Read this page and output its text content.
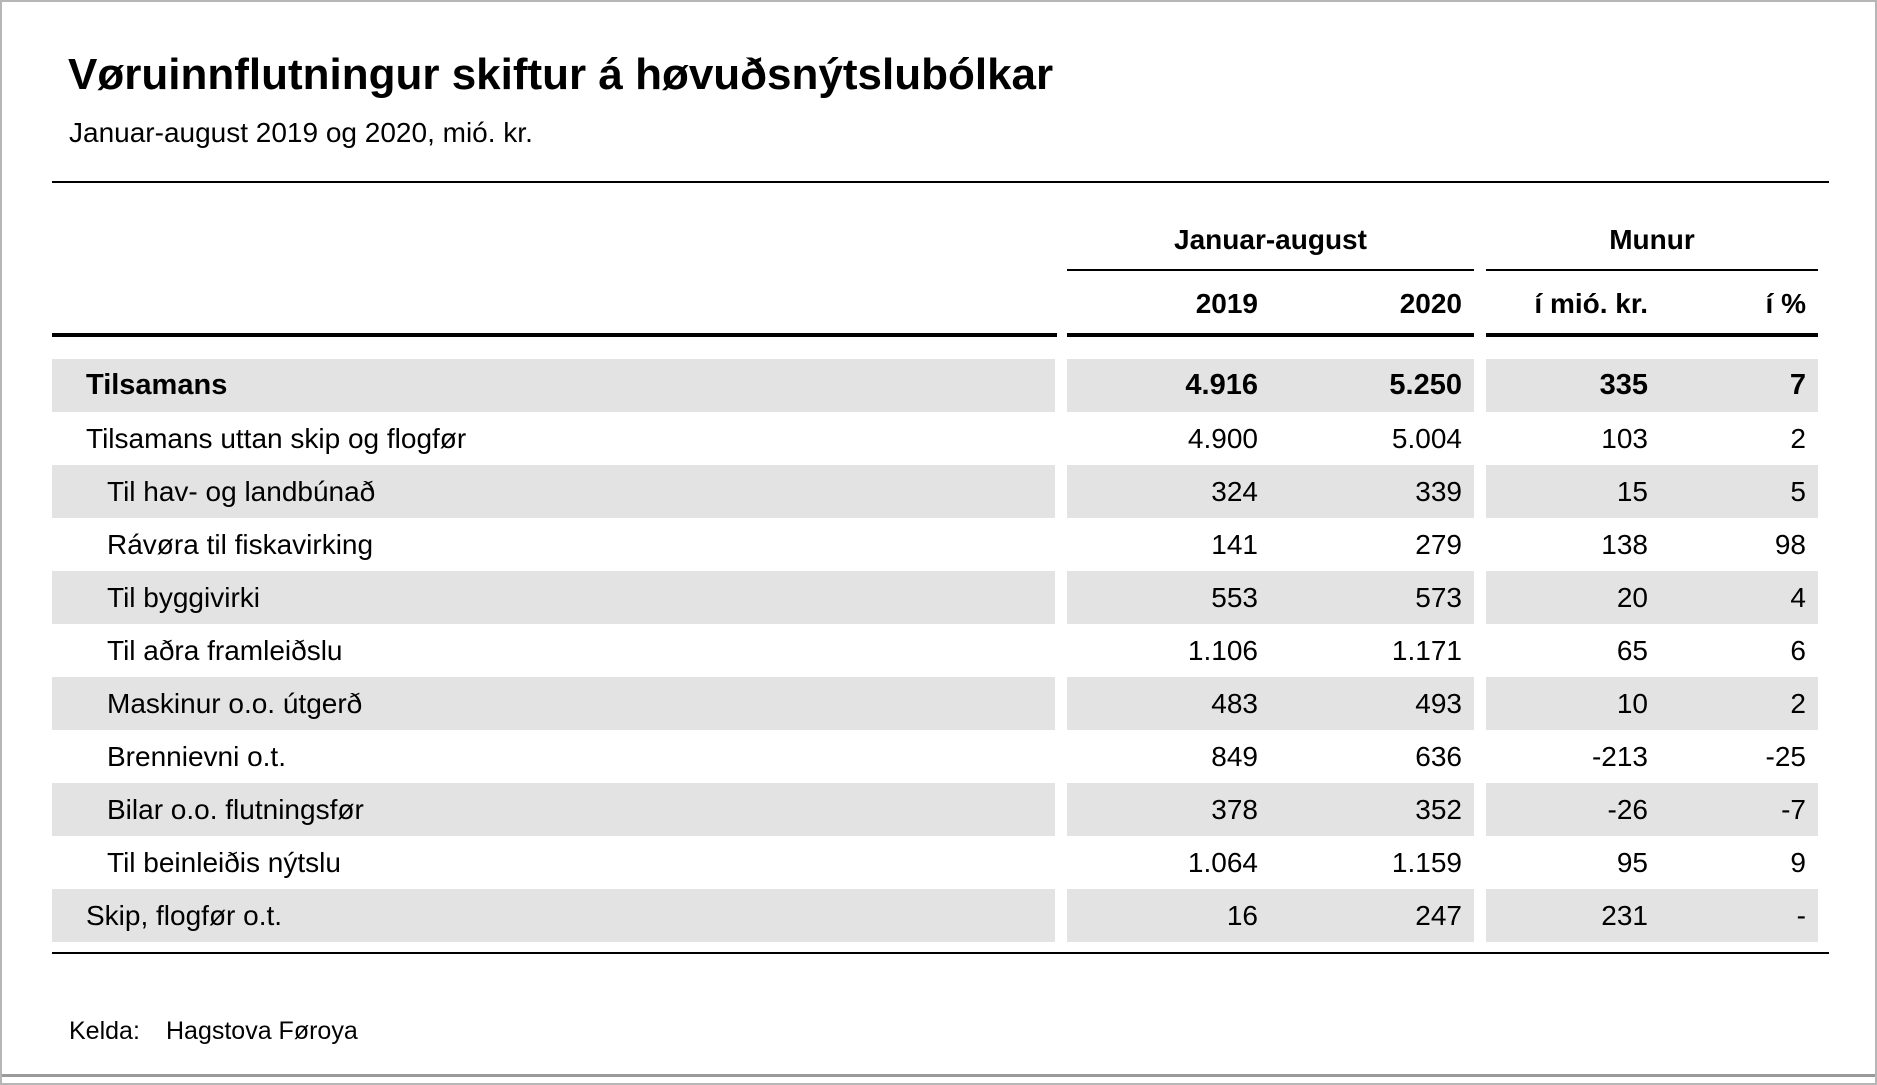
Vøruinnflutningur skiftur á høvuðsnýtslubólkar
Januar-august 2019 og 2020, mió. kr.
Januar-august	Munur
2019	2020	í mió. kr.	í %
Tilsamans	4.916	5.250	335	7
Tilsamans uttan skip og flogfør	4.900	5.004	103	2
Til hav- og landbúnað	324	339	15	5
Rávøra til fiskavirking	141	279	138	98
Til byggivirki	553	573	20	4
Til aðra framleiðslu	1.106	1.171	65	6
Maskinur o.o. útgerð	483	493	10	2
Brennievni o.t.	849	636	-213	-25
Bilar o.o. flutningsfør	378	352	-26	-7
Til beinleiðis nýtslu	1.064	1.159	95	9
Skip, flogfør o.t.	16	247	231	-
Kelda: Hagstova Føroya
